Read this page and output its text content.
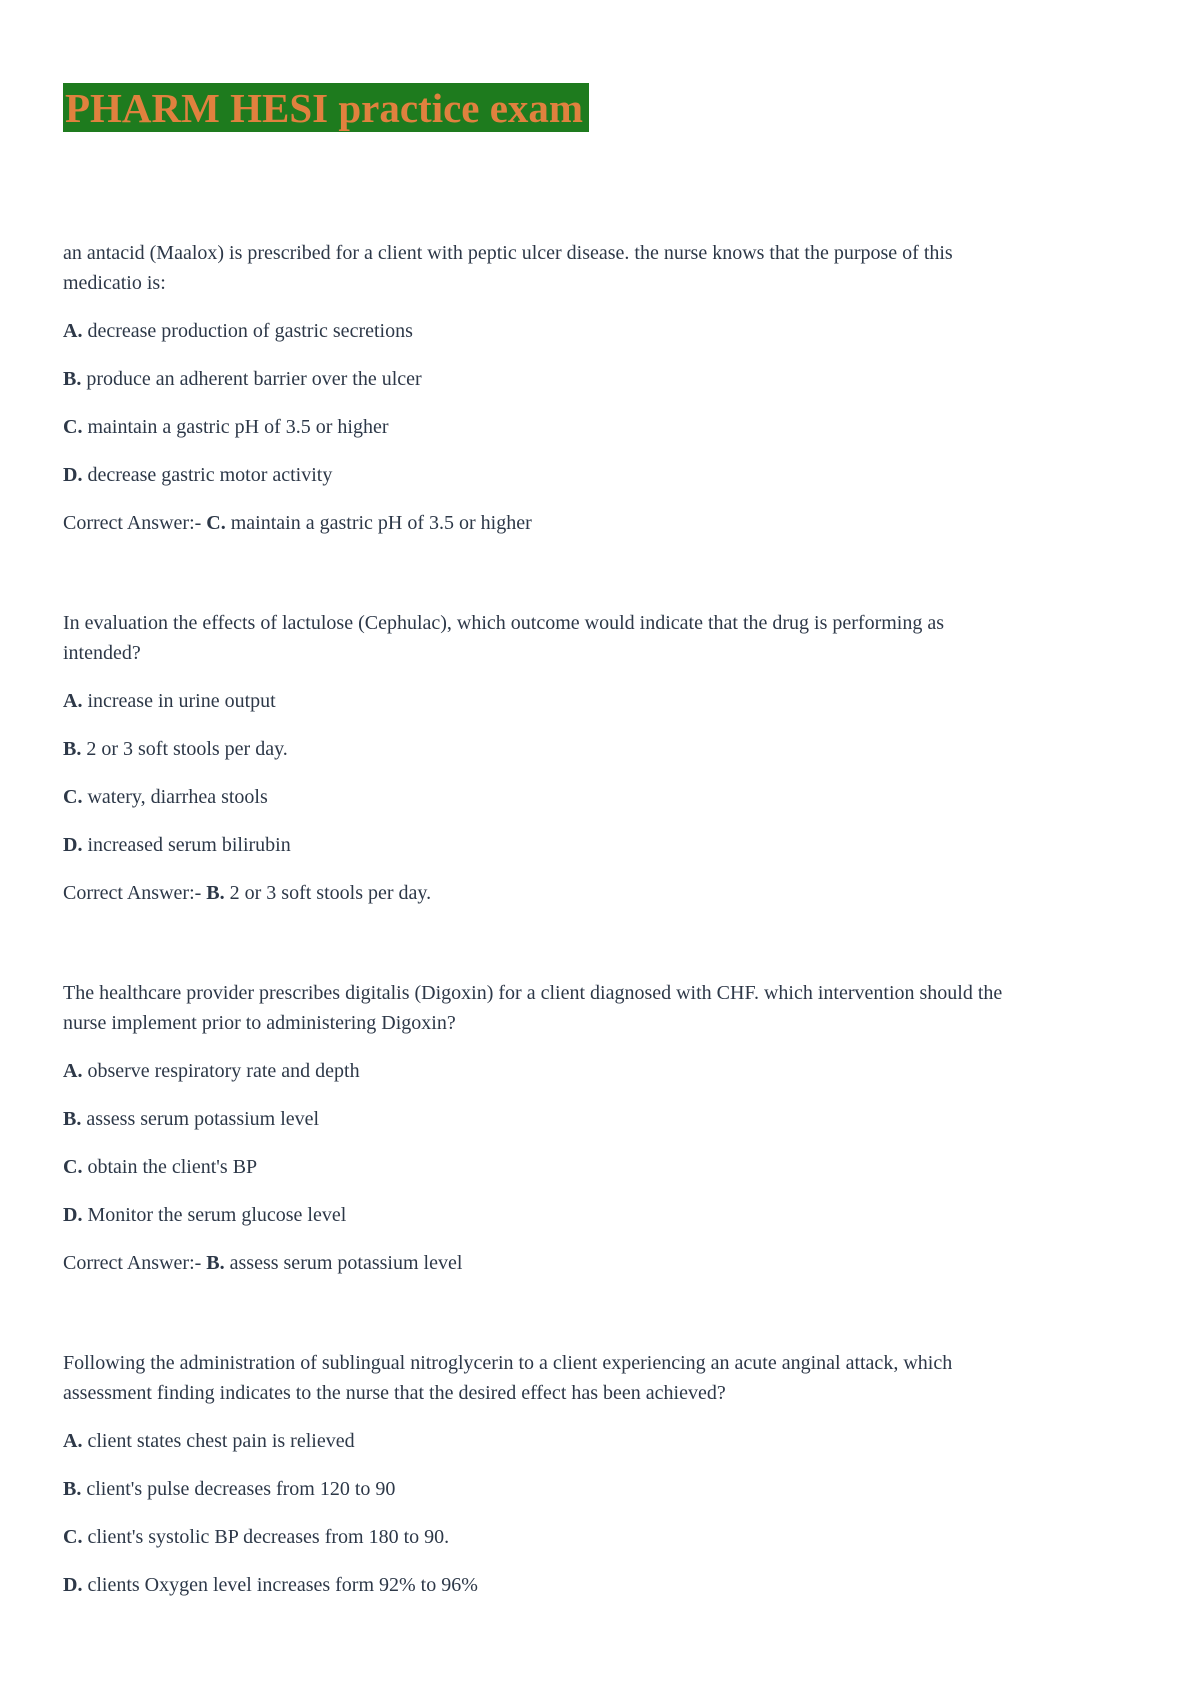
PHARM HESI practice exam

an antacid (Maalox) is prescribed for a client with peptic ulcer disease. the nurse knows that the purpose of this medicatio is:

A. decrease production of gastric secretions

B. produce an adherent barrier over the ulcer

C. maintain a gastric pH of 3.5 or higher

D. decrease gastric motor activity

Correct Answer:- C. maintain a gastric pH of 3.5 or higher

In evaluation the effects of lactulose (Cephulac), which outcome would indicate that the drug is performing as intended?

A. increase in urine output

B. 2 or 3 soft stools per day.

C. watery, diarrhea stools

D. increased serum bilirubin

Correct Answer:- B. 2 or 3 soft stools per day.

The healthcare provider prescribes digitalis (Digoxin) for a client diagnosed with CHF. which intervention should the nurse implement prior to administering Digoxin?

A. observe respiratory rate and depth

B. assess serum potassium level

C. obtain the client's BP

D. Monitor the serum glucose level

Correct Answer:- B. assess serum potassium level

Following the administration of sublingual nitroglycerin to a client experiencing an acute anginal attack, which assessment finding indicates to the nurse that the desired effect has been achieved?

A. client states chest pain is relieved

B. client's pulse decreases from 120 to 90

C. client's systolic BP decreases from 180 to 90.

D. clients Oxygen level increases form 92% to 96%
